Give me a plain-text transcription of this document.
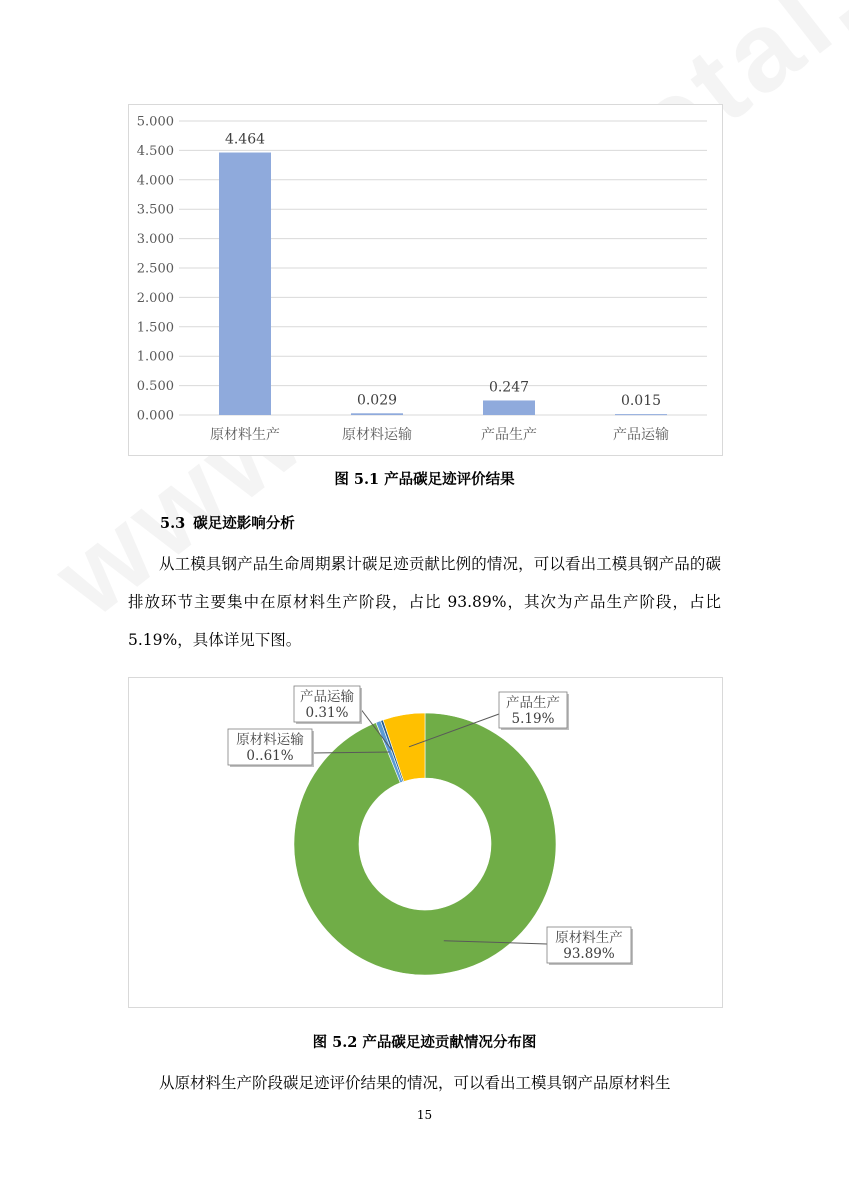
0.000
0.500
1.000
1.500
2.000
2.500
3.000
3.500
4.000
4.500
5.000
4.464
原材料生产
0.029
原材料运输
0.247
产品生产
0.015
产品运输
图 5.1 产品碳足迹评价结果
5.3 碳足迹影响分析
从工模具钢产品生命周期累计碳足迹贡献比例的情况，可以看出工模具钢产品的碳排放环节主要集中在原材料生产阶段，占比 93.89%，其次为产品生产阶段，占比 5.19%，具体详见下图。
原材料生产
93.89%
原材料运输
0..61%
产品运输
0.31%
产品生产
5.19%
图 5.2 产品碳足迹贡献情况分布图
从原材料生产阶段碳足迹评价结果的情况，可以看出工模具钢产品原材料生
15
